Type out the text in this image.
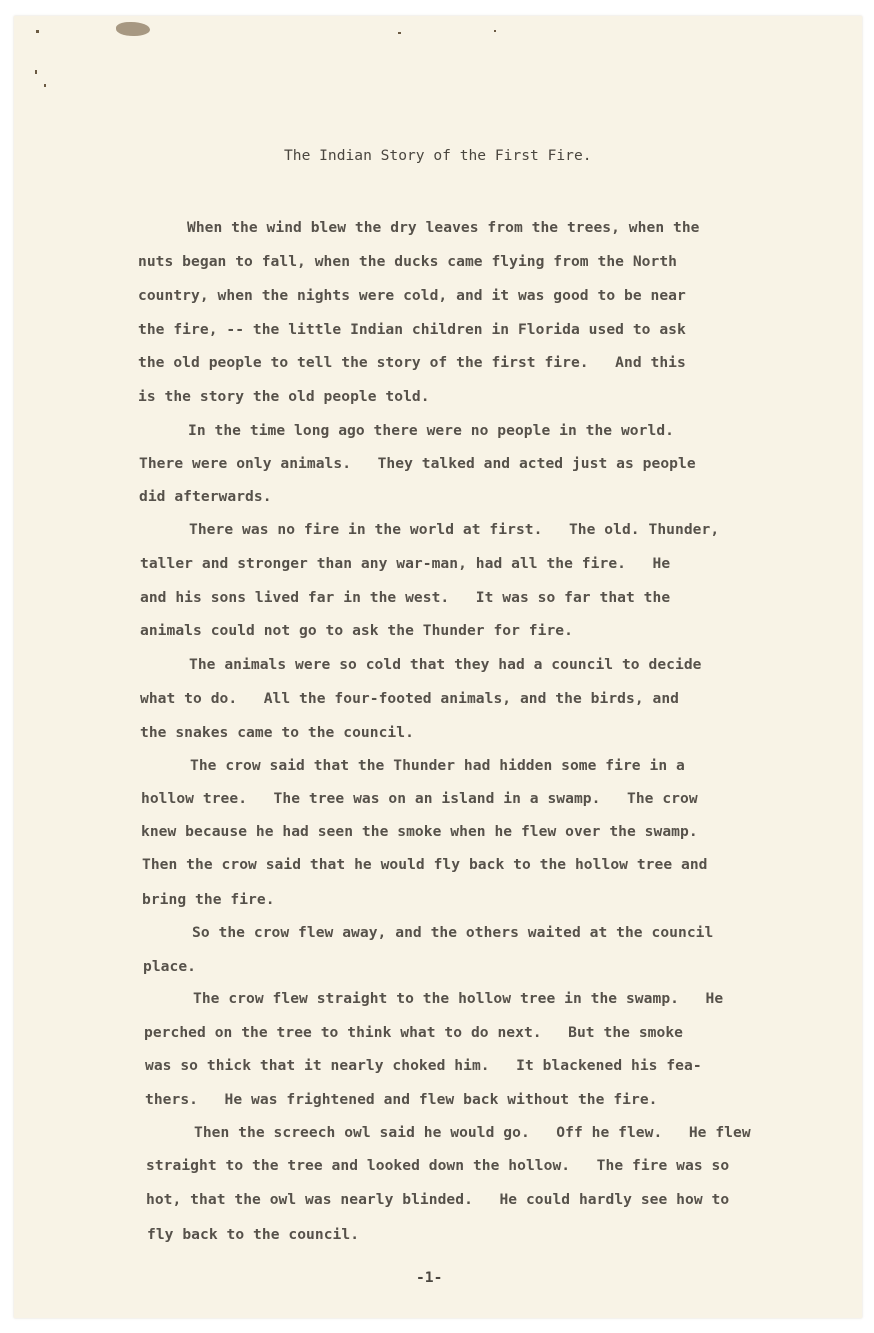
The Indian Story of the First Fire.
When the wind blew the dry leaves from the trees, when the
nuts began to fall, when the ducks came flying from the North
country, when the nights were cold, and it was good to be near
the fire, -- the little Indian children in Florida used to ask
the old people to tell the story of the first fire.   And this
is the story the old people told.
In the time long ago there were no people in the world.
There were only animals.   They talked and acted just as people
did afterwards.
There was no fire in the world at first.   The old. Thunder,
taller and stronger than any war-man, had all the fire.   He
and his sons lived far in the west.   It was so far that the
animals could not go to ask the Thunder for fire.
The animals were so cold that they had a council to decide
what to do.   All the four-footed animals, and the birds, and
the snakes came to the council.
The crow said that the Thunder had hidden some fire in a
hollow tree.   The tree was on an island in a swamp.   The crow
knew because he had seen the smoke when he flew over the swamp.
Then the crow said that he would fly back to the hollow tree and
bring the fire.
So the crow flew away, and the others waited at the council
place.
The crow flew straight to the hollow tree in the swamp.   He
perched on the tree to think what to do next.   But the smoke
was so thick that it nearly choked him.   It blackened his fea-
thers.   He was frightened and flew back without the fire.
Then the screech owl said he would go.   Off he flew.   He flew
straight to the tree and looked down the hollow.   The fire was so
hot, that the owl was nearly blinded.   He could hardly see how to
fly back to the council.
-1-
